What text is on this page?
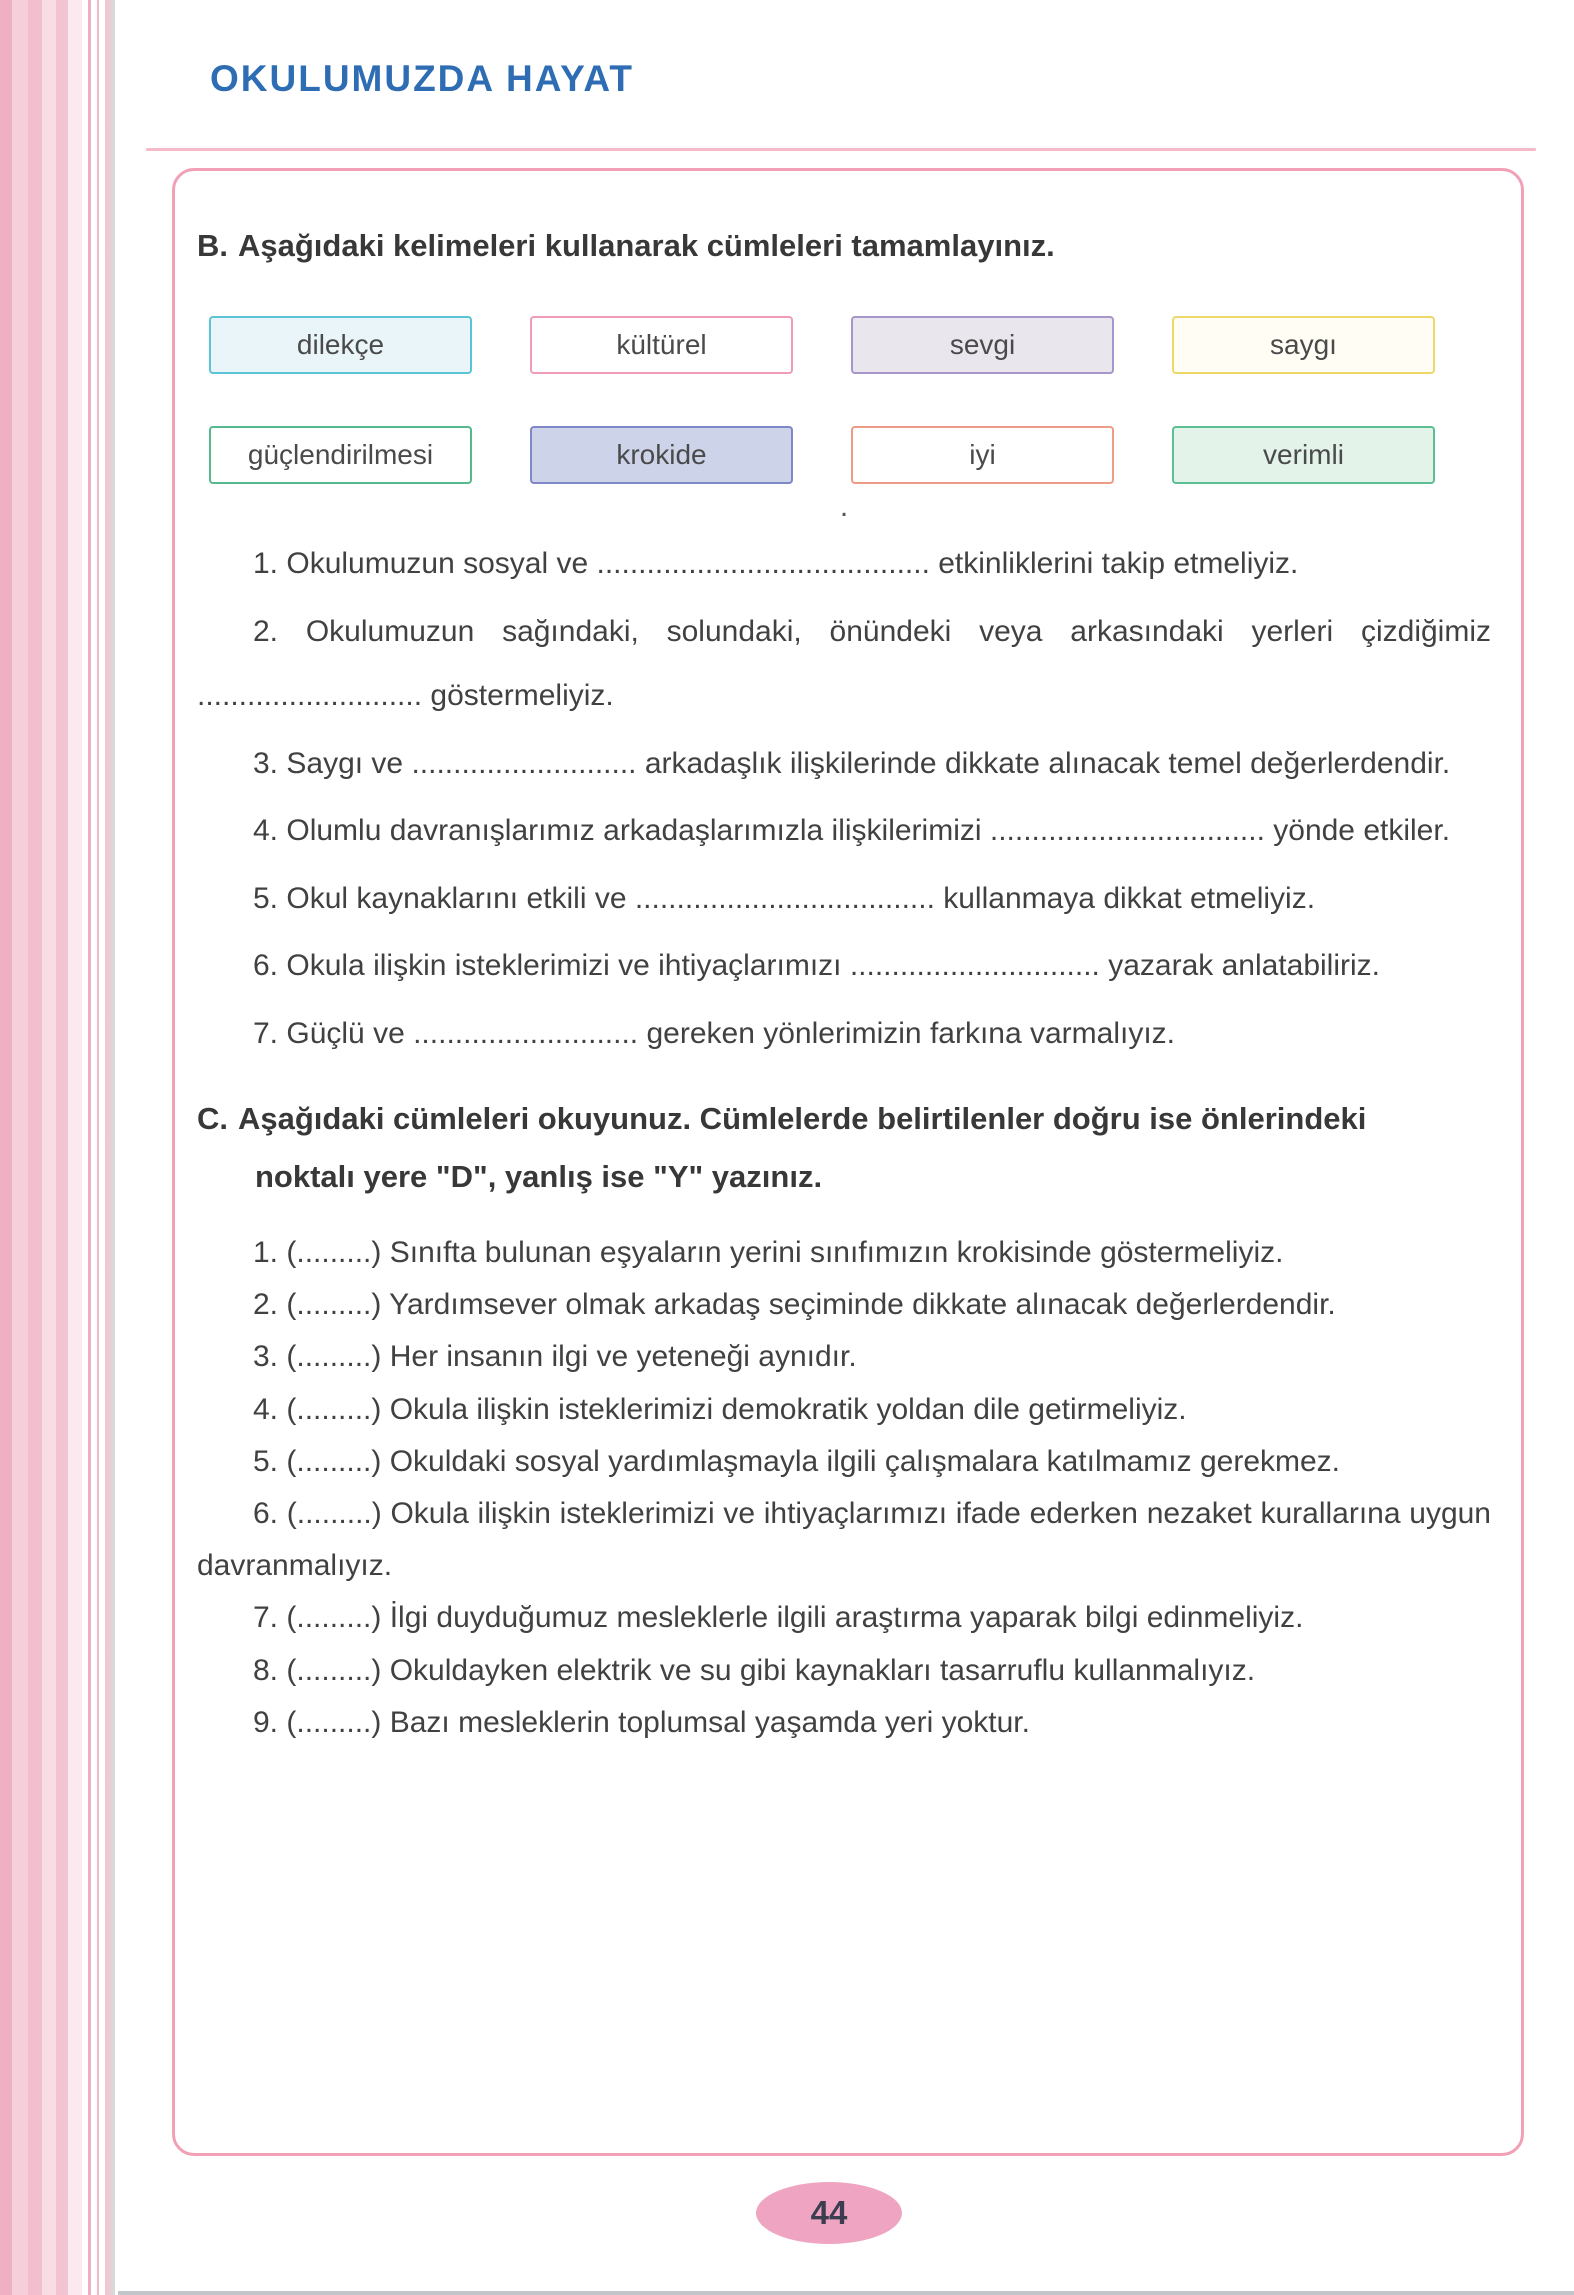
OKULUMUZDA HAYAT

B. Aşağıdaki kelimeleri kullanarak cümleleri tamamlayınız.

dilekçe	kültürel	sevgi	saygı
güçlendirilmesi	krokide	iyi	verimli
.

1. Okulumuzun sosyal ve ........................................ etkinliklerini takip etmeliyiz.

2. Okulumuzun sağındaki, solundaki, önündeki veya arkasındaki yerleri çizdiğimiz ........................... göstermeliyiz.

3. Saygı ve ........................... arkadaşlık ilişkilerinde dikkate alınacak temel değerlerdendir.

4. Olumlu davranışlarımız arkadaşlarımızla ilişkilerimizi ................................. yönde etkiler.

5. Okul kaynaklarını etkili ve .................................... kullanmaya dikkat etmeliyiz.

6. Okula ilişkin isteklerimizi ve ihtiyaçlarımızı .............................. yazarak anlatabiliriz.

7. Güçlü ve ........................... gereken yönlerimizin farkına varmalıyız.

C. Aşağıdaki cümleleri okuyunuz. Cümlelerde belirtilenler doğru ise önlerindeki
noktalı yere "D", yanlış ise "Y" yazınız.

1. (.........) Sınıfta bulunan eşyaların yerini sınıfımızın krokisinde göstermeliyiz.

2. (.........) Yardımsever olmak arkadaş seçiminde dikkate alınacak değerlerdendir.

3. (.........) Her insanın ilgi ve yeteneği aynıdır.

4. (.........) Okula ilişkin isteklerimizi demokratik yoldan dile getirmeliyiz.

5. (.........) Okuldaki sosyal yardımlaşmayla ilgili çalışmalara katılmamız gerekmez.

6. (.........) Okula ilişkin isteklerimizi ve ihtiyaçlarımızı ifade ederken nezaket kurallarına uygun davranmalıyız.

7. (.........) İlgi duyduğumuz mesleklerle ilgili araştırma yaparak bilgi edinmeliyiz.

8. (.........) Okuldayken elektrik ve su gibi kaynakları tasarruflu kullanmalıyız.

9. (.........) Bazı mesleklerin toplumsal yaşamda yeri yoktur.

44
